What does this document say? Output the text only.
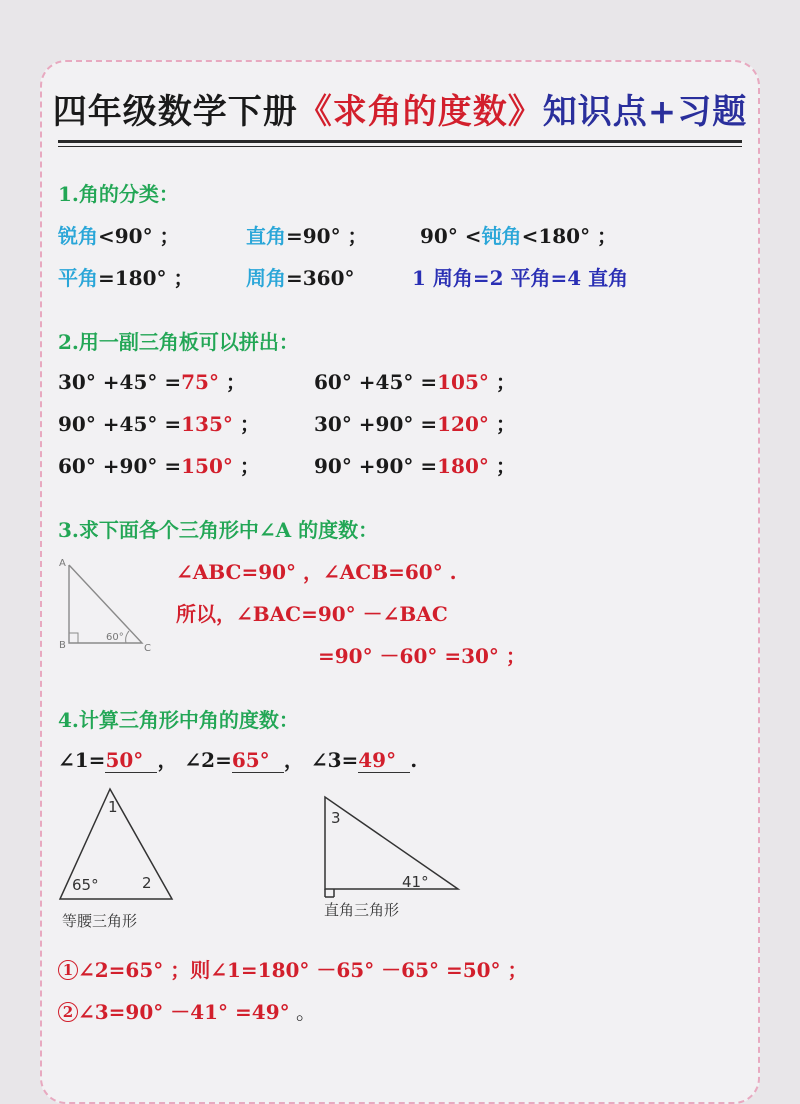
四年级数学下册《求角的度数》知识点+习题
1.角的分类：
锐角<90° ；	直角=90° ；	90° <钝角<180° ；
平角=180° ；	周角=360°	1 周角=2 平角=4 直角
2.用一副三角板可以拼出：
30° +45° =75° ；	60° +45° =105° ；
90° +45° =135° ；	30° +90° =120° ；
60° +90° =150° ；	90° +90° =180° ；
3.求下面各个三角形中∠A 的度数：
A
B	C
60°
∠ABC=90° ，∠ACB=60° .
所以，∠BAC=90° －∠BAC
=90° －60° =30° ；
4.计算三角形中角的度数：
∠1=50° ， ∠2=65° ， ∠3=49° .
1
65°	2
等腰三角形
3
41°
直角三角形
1 ∠2=65° ；则∠1=180° －65° －65° =50° ；
2 ∠3=90° －41° =49° 。
